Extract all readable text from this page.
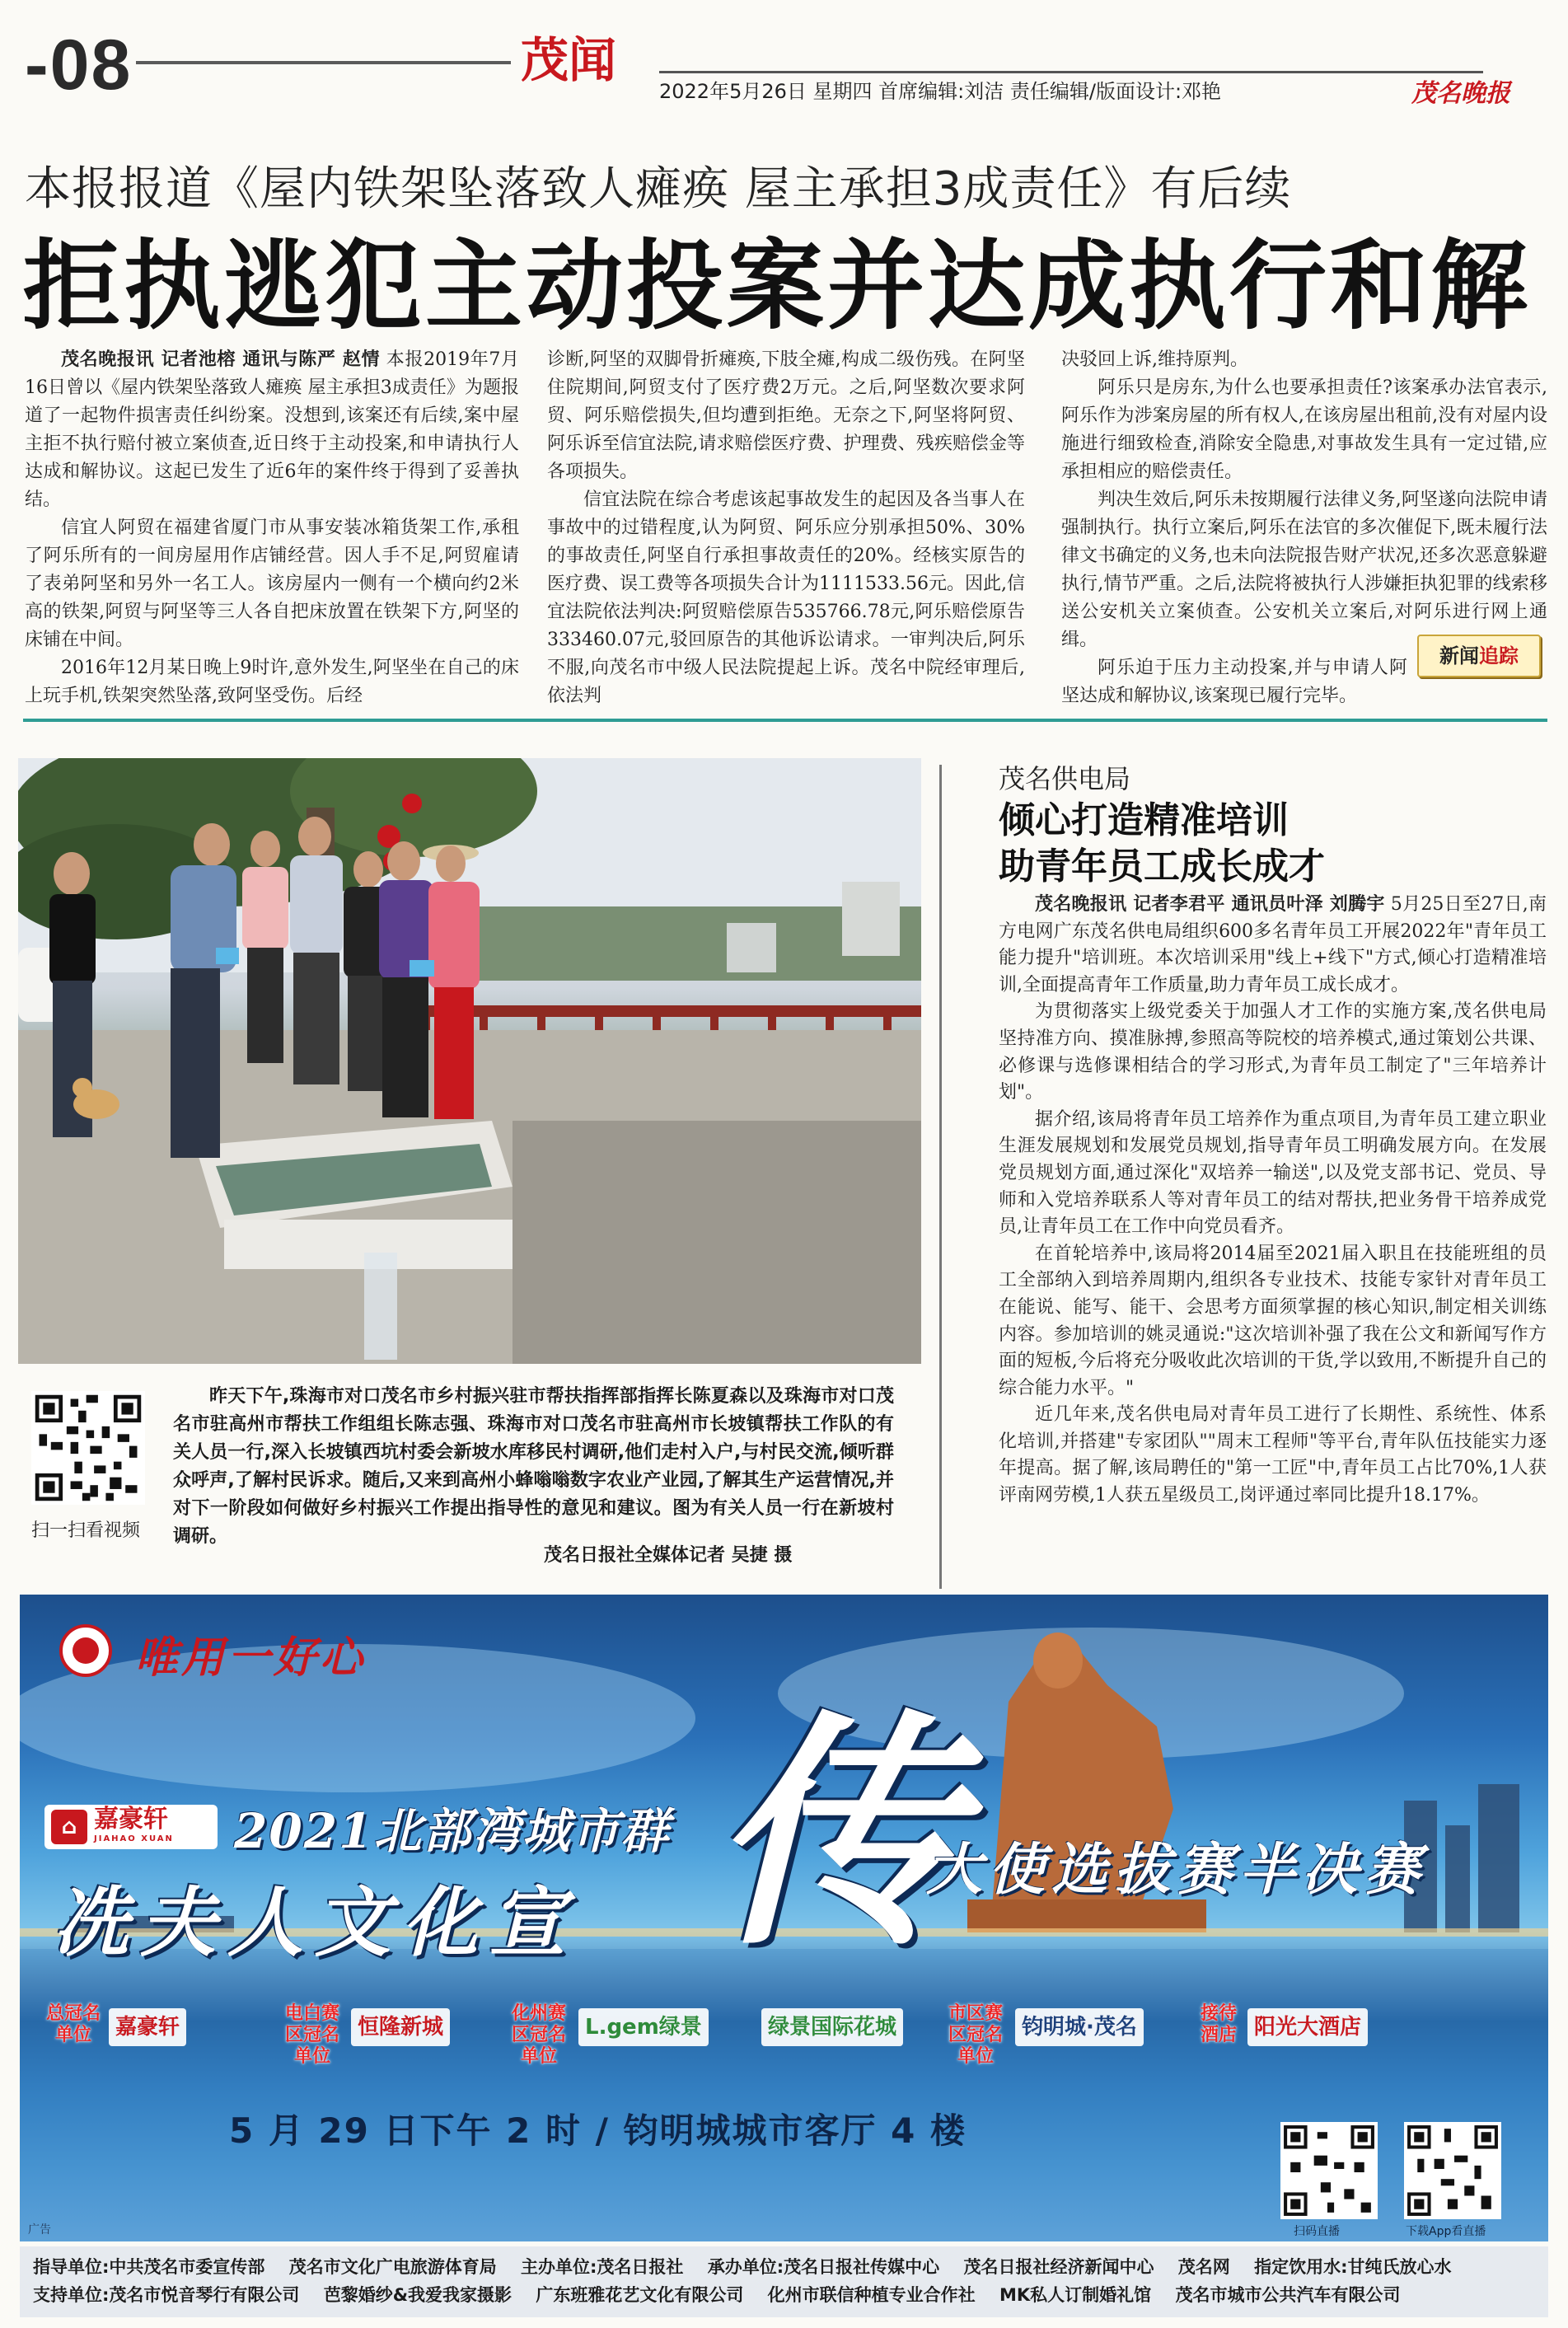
-08	茂闻
2022年5月26日 星期四 首席编辑:刘洁 责任编辑/版面设计:邓艳	茂名晚报
本报报道《屋内铁架坠落致人瘫痪 屋主承担3成责任》有后续
拒执逃犯主动投案并达成执行和解

茂名晚报讯 记者池榕 通讯与陈严 赵情 本报2019年7月16日曾以《屋内铁架坠落致人瘫痪 屋主承担3成责任》为题报道了一起物件损害责任纠纷案。没想到,该案还有后续,案中屋主拒不执行赔付被立案侦查,近日终于主动投案,和申请执行人达成和解协议。这起已发生了近6年的案件终于得到了妥善执结。

信宜人阿贸在福建省厦门市从事安装冰箱货架工作,承租了阿乐所有的一间房屋用作店铺经营。因人手不足,阿贸雇请了表弟阿坚和另外一名工人。该房屋内一侧有一个横向约2米高的铁架,阿贸与阿坚等三人各自把床放置在铁架下方,阿坚的床铺在中间。

2016年12月某日晚上9时许,意外发生,阿坚坐在自己的床上玩手机,铁架突然坠落,致阿坚受伤。后经

诊断,阿坚的双脚骨折瘫痪,下肢全瘫,构成二级伤残。在阿坚住院期间,阿贸支付了医疗费2万元。之后,阿坚数次要求阿贸、阿乐赔偿损失,但均遭到拒绝。无奈之下,阿坚将阿贸、阿乐诉至信宜法院,请求赔偿医疗费、护理费、残疾赔偿金等各项损失。

信宜法院在综合考虑该起事故发生的起因及各当事人在事故中的过错程度,认为阿贸、阿乐应分别承担50%、30%的事故责任,阿坚自行承担事故责任的20%。经核实原告的医疗费、误工费等各项损失合计为1111533.56元。因此,信宜法院依法判决:阿贸赔偿原告535766.78元,阿乐赔偿原告333460.07元,驳回原告的其他诉讼请求。一审判决后,阿乐不服,向茂名市中级人民法院提起上诉。茂名中院经审理后,依法判

决驳回上诉,维持原判。

阿乐只是房东,为什么也要承担责任?该案承办法官表示,阿乐作为涉案房屋的所有权人,在该房屋出租前,没有对屋内设施进行细致检查,消除安全隐患,对事故发生具有一定过错,应承担相应的赔偿责任。

判决生效后,阿乐未按期履行法律义务,阿坚遂向法院申请强制执行。执行立案后,阿乐在法官的多次催促下,既未履行法律文书确定的义务,也未向法院报告财产状况,还多次恶意躲避执行,情节严重。之后,法院将被执行人涉嫌拒执犯罪的线索移送公安机关立案侦查。公安机关立案后,对阿乐进行网上通缉。

阿乐迫于压力主动投案,并与申请人阿坚达成和解协议,该案现已履行完毕。

新闻追踪
扫一扫看视频
昨天下午,珠海市对口茂名市乡村振兴驻市帮扶指挥部指挥长陈夏森以及珠海市对口茂名市驻高州市帮扶工作组组长陈志强、珠海市对口茂名市驻高州市长坡镇帮扶工作队的有关人员一行,深入长坡镇西坑村委会新坡水库移民村调研,他们走村入户,与村民交流,倾听群众呼声,了解村民诉求。随后,又来到高州小蜂嗡嗡数字农业产业园,了解其生产运营情况,并对下一阶段如何做好乡村振兴工作提出指导性的意见和建议。图为有关人员一行在新坡村调研。
茂名日报社全媒体记者 吴捷 摄
茂名供电局
倾心打造精准培训
助青年员工成长成才

茂名晚报讯 记者李君平 通讯员叶泽 刘腾宇 5月25日至27日,南方电网广东茂名供电局组织600多名青年员工开展2022年"青年员工能力提升"培训班。本次培训采用"线上+线下"方式,倾心打造精准培训,全面提高青年工作质量,助力青年员工成长成才。

为贯彻落实上级党委关于加强人才工作的实施方案,茂名供电局坚持准方向、摸准脉搏,参照高等院校的培养模式,通过策划公共课、必修课与选修课相结合的学习形式,为青年员工制定了"三年培养计划"。

据介绍,该局将青年员工培养作为重点项目,为青年员工建立职业生涯发展规划和发展党员规划,指导青年员工明确发展方向。在发展党员规划方面,通过深化"双培养一输送",以及党支部书记、党员、导师和入党培养联系人等对青年员工的结对帮扶,把业务骨干培养成党员,让青年员工在工作中向党员看齐。

在首轮培养中,该局将2014届至2021届入职且在技能班组的员工全部纳入到培养周期内,组织各专业技术、技能专家针对青年员工在能说、能写、能干、会思考方面须掌握的核心知识,制定相关训练内容。参加培训的姚灵通说:"这次培训补强了我在公文和新闻写作方面的短板,今后将充分吸收此次培训的干货,学以致用,不断提升自己的综合能力水平。"

近几年来,茂名供电局对青年员工进行了长期性、系统性、体系化培训,并搭建"专家团队""周末工程师"等平台,青年队伍技能实力逐年提高。据了解,该局聘任的"第一工匠"中,青年员工占比70%,1人获评南网劳模,1人获五星级员工,岗评通过率同比提升18.17%。

唯用一好心
⌂ 嘉豪轩
JIAHAO XUAN	2021北部湾城市群
冼夫人文化宣 传
大使选拔赛半决赛
总冠名单位	嘉豪轩
电白赛区冠名单位
恒隆新城
化州赛区冠名单位
L.gem绿景	绿景国际花城
市区赛区冠名单位
钧明城·茂名
接待酒店 阳光大酒店
5 月 29 日下午 2 时 / 钧明城城市客厅 4 楼
扫码直播	下载App看直播
广告
指导单位:中共茂名市委宣传部 茂名市文化广电旅游体育局 主办单位:茂名日报社 承办单位:茂名日报社传媒中心 茂名日报社经济新闻中心 茂名网 指定饮用水:甘纯氏放心水
支持单位:茂名市悦音琴行有限公司 芭黎婚纱&我爱我家摄影 广东班雅花艺文化有限公司 化州市联信种植专业合作社 MK私人订制婚礼馆 茂名市城市公共汽车有限公司
